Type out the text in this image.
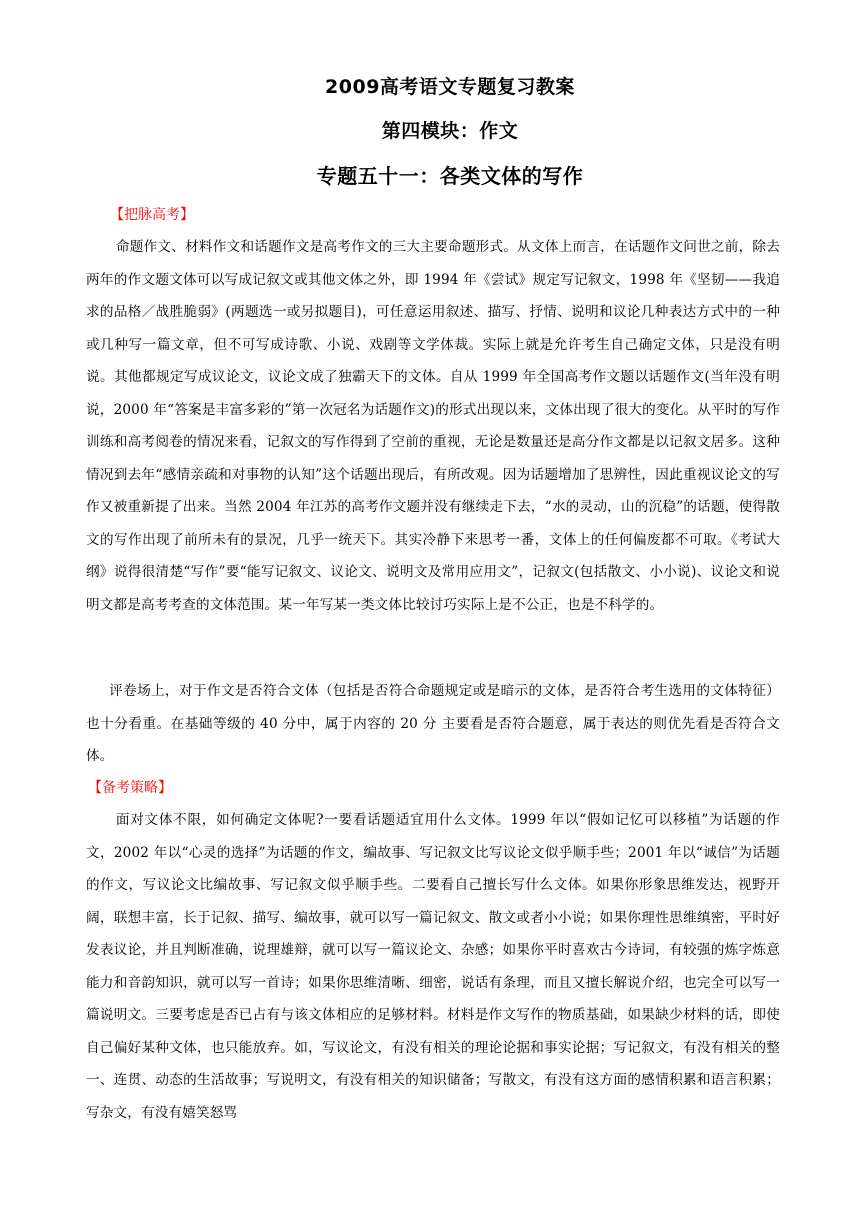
2009高考语文专题复习教案
第四模块：作文
专题五十一：各类文体的写作
【把脉高考】

命题作文、材料作文和话题作文是高考作文的三大主要命题形式。从文体上而言，在话题作文问世之前，除去两年的作文题文体可以写成记叙文或其他文体之外，即 1994 年《尝试》规定写记叙文，1998 年《坚韧——我追求的品格／战胜脆弱》(两题选一或另拟题目)，可任意运用叙述、描写、抒情、说明和议论几种表达方式中的一种或几种写一篇文章，但不可写成诗歌、小说、戏剧等文学体裁。实际上就是允许考生自己确定文体，只是没有明说。其他都规定写成议论文，议论文成了独霸天下的文体。自从 1999 年全国高考作文题以话题作文(当年没有明说，2000 年“答案是丰富多彩的”第一次冠名为话题作文)的形式出现以来，文体出现了很大的变化。从平时的写作训练和高考阅卷的情况来看，记叙文的写作得到了空前的重视，无论是数量还是高分作文都是以记叙文居多。这种情况到去年“感情亲疏和对事物的认知”这个话题出现后，有所改观。因为话题增加了思辨性，因此重视议论文的写作又被重新提了出来。当然 2004 年江苏的高考作文题并没有继续走下去，“水的灵动，山的沉稳”的话题，使得散文的写作出现了前所未有的景况，几乎一统天下。其实冷静下来思考一番，文体上的任何偏废都不可取。《考试大纲》说得很清楚“写作”要“能写记叙文、议论文、说明文及常用应用文”，记叙文(包括散文、小小说)、议论文和说明文都是高考考查的文体范围。某一年写某一类文体比较讨巧实际上是不公正，也是不科学的。

评卷场上，对于作文是否符合文体（包括是否符合命题规定或是暗示的文体，是否符合考生选用的文体特征）也十分看重。在基础等级的 40 分中，属于内容的 20 分 主要看是否符合题意，属于表达的则优先看是否符合文体。

【备考策略】

面对文体不限，如何确定文体呢?一要看话题适宜用什么文体。1999 年以“假如记忆可以移植”为话题的作文，2002 年以“心灵的选择”为话题的作文，编故事、写记叙文比写议论文似乎顺手些；2001 年以“诚信”为话题的作文，写议论文比编故事、写记叙文似乎顺手些。二要看自己擅长写什么文体。如果你形象思维发达，视野开阔，联想丰富，长于记叙、描写、编故事，就可以写一篇记叙文、散文或者小小说；如果你理性思维缜密，平时好发表议论，并且判断准确，说理雄辩，就可以写一篇议论文、杂感；如果你平时喜欢古今诗词，有较强的炼字炼意能力和音韵知识，就可以写一首诗；如果你思维清晰、细密，说话有条理，而且又擅长解说介绍，也完全可以写一篇说明文。三要考虑是否已占有与该文体相应的足够材料。材料是作文写作的物质基础，如果缺少材料的话，即使自己偏好某种文体，也只能放弃。如，写议论文，有没有相关的理论论据和事实论据；写记叙文，有没有相关的整一、连贯、动态的生活故事；写说明文，有没有相关的知识储备；写散文，有没有这方面的感情积累和语言积累；写杂文，有没有嬉笑怒骂
